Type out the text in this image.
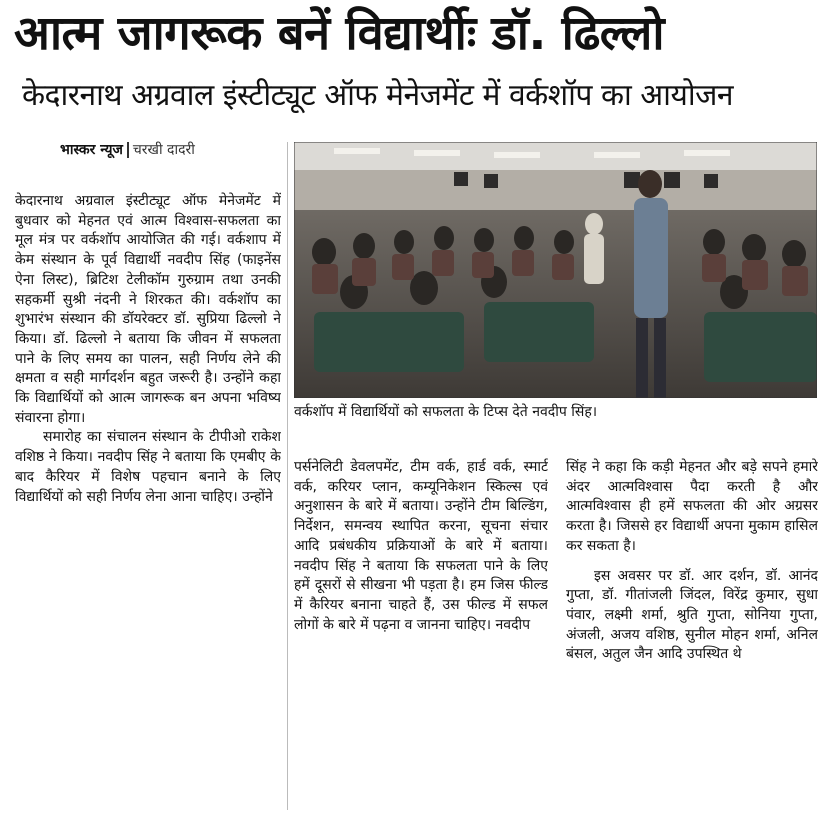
आत्म जागरूक बनें विद्यार्थीः डॉ. ढिल्लो
केदारनाथ अग्रवाल इंस्टीट्यूट ऑफ मेनेजमेंट में वर्कशॉप का आयोजन
भास्कर न्यूज चरखी दादरी

केदारनाथ अग्रवाल इंस्टीट्यूट ऑफ मेनेजमेंट में बुधवार को मेहनत एवं आत्म विश्वास-सफलता का मूल मंत्र पर वर्कशॉप आयोजित की गई। वर्कशाप में केम संस्थान के पूर्व विद्यार्थी नवदीप सिंह (फाइनेंस ऐना लिस्ट), ब्रिटिश टेलीकॉम गुरुग्राम तथा उनकी सहकर्मी सुश्री नंदनी ने शिरकत की। वर्कशॉप का शुभारंभ संस्थान की डॉयरेक्टर डॉ. सुप्रिया ढिल्लो ने किया। डॉ. ढिल्लो ने बताया कि जीवन में सफलता पाने के लिए समय का पालन, सही निर्णय लेने की क्षमता व सही मार्गदर्शन बहुत जरूरी है। उन्होंने कहा कि विद्यार्थियों को आत्म जागरूक बन अपना भविष्य संवारना होगा।

समारोह का संचालन संस्थान के टीपीओ राकेश वशिष्ठ ने किया। नवदीप सिंह ने बताया कि एमबीए के बाद कैरियर में विशेष पहचान बनाने के लिए विद्यार्थियों को सही निर्णय लेना आना चाहिए। उन्होंने

वर्कशॉप में विद्यार्थियों को सफलता के टिप्स देते नवदीप सिंह।

पर्सनेलिटी डेवलपमेंट, टीम वर्क, हार्ड वर्क, स्मार्ट वर्क, करियर प्लान, कम्यूनिकेशन स्किल्स एवं अनुशासन के बारे में बताया। उन्होंने टीम बिल्डिंग, निर्देशन, समन्वय स्थापित करना, सूचना संचार आदि प्रबंधकीय प्रक्रियाओं के बारे में बताया। नवदीप सिंह ने बताया कि सफलता पाने के लिए हमें दूसरों से सीखना भी पड़ता है। हम जिस फील्ड में कैरियर बनाना चाहते हैं, उस फील्ड में सफल लोगों के बारे में पढ़ना व जानना चाहिए। नवदीप

सिंह ने कहा कि कड़ी मेहनत और बड़े सपने हमारे अंदर आत्मविश्वास पैदा करती है और आत्मविश्वास ही हमें सफलता की ओर अग्रसर करता है। जिससे हर विद्यार्थी अपना मुकाम हासिल कर सकता है।

इस अवसर पर डॉ. आर दर्शन, डॉ. आनंद गुप्ता, डॉ. गीतांजली जिंदल, विरेंद्र कुमार, सुधा पंवार, लक्ष्मी शर्मा, श्रुति गुप्ता, सोनिया गुप्ता, अंजली, अजय वशिष्ठ, सुनील मोहन शर्मा, अनिल बंसल, अतुल जैन आदि उपस्थित थे
